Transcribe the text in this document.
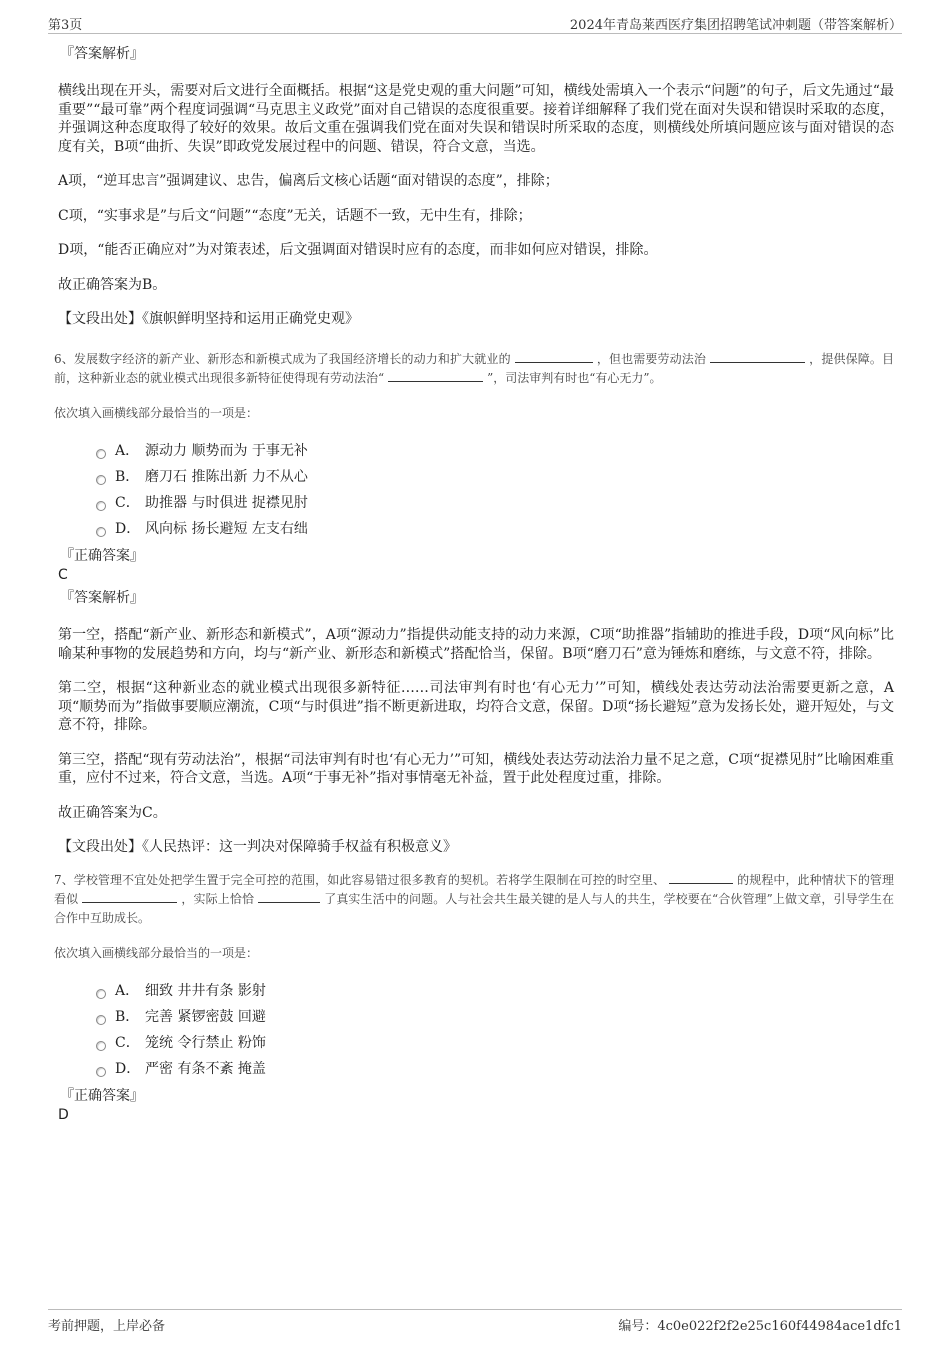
第3页	2024年青岛莱西医疗集团招聘笔试冲刺题（带答案解析）
『答案解析』

横线出现在开头，需要对后文进行全面概括。根据“这是党史观的重大问题”可知，横线处需填入一个表示“问题”的句子，后文先通过“最重要”“最可靠”两个程度词强调“马克思主义政党”面对自己错误的态度很重要。接着详细解释了我们党在面对失误和错误时采取的态度，并强调这种态度取得了较好的效果。故后文重在强调我们党在面对失误和错误时所采取的态度，则横线处所填问题应该与面对错误的态度有关，B项“曲折、失误”即政党发展过程中的问题、错误，符合文意，当选。

A项，“逆耳忠言”强调建议、忠告，偏离后文核心话题“面对错误的态度”，排除；

C项，“实事求是”与后文“问题”“态度”无关，话题不一致，无中生有，排除；

D项，“能否正确应对”为对策表述，后文强调面对错误时应有的态度，而非如何应对错误，排除。

故正确答案为B。

【文段出处】《旗帜鲜明坚持和运用正确党史观》

6、发展数字经济的新产业、新形态和新模式成为了我国经济增长的动力和扩大就业的	，但也需要劳动法治	，提供保障。目前，这种新业态的就业模式出现很多新特征使得现有劳动法治“	”，司法审判有时也“有心无力”。

依次填入画横线部分最恰当的一项是：

A． 源动力 顺势而为 于事无补
B． 磨刀石 推陈出新 力不从心
C． 助推器 与时俱进 捉襟见肘
D． 风向标 扬长避短 左支右绌
『正确答案』
C
『答案解析』

第一空，搭配“新产业、新形态和新模式”，A项“源动力”指提供动能支持的动力来源，C项“助推器”指辅助的推进手段，D项“风向标”比喻某种事物的发展趋势和方向，均与“新产业、新形态和新模式”搭配恰当，保留。B项“磨刀石”意为锤炼和磨练，与文意不符，排除。

第二空，根据“这种新业态的就业模式出现很多新特征……司法审判有时也‘有心无力’”可知，横线处表达劳动法治需要更新之意，A项“顺势而为”指做事要顺应潮流，C项“与时俱进”指不断更新进取，均符合文意，保留。D项“扬长避短”意为发扬长处，避开短处，与文意不符，排除。

第三空，搭配“现有劳动法治”，根据“司法审判有时也‘有心无力’”可知，横线处表达劳动法治力量不足之意，C项“捉襟见肘”比喻困难重重，应付不过来，符合文意，当选。A项“于事无补”指对事情毫无补益，置于此处程度过重，排除。

故正确答案为C。

【文段出处】《人民热评：这一判决对保障骑手权益有积极意义》

7、学校管理不宜处处把学生置于完全可控的范围，如此容易错过很多教育的契机。若将学生限制在可控的时空里、	的规程中，此种情状下的管理看似	，实际上恰恰	了真实生活中的问题。人与社会共生最关键的是人与人的共生，学校要在“合伙管理”上做文章，引导学生在合作中互助成长。

依次填入画横线部分最恰当的一项是：

A． 细致 井井有条 影射
B． 完善 紧锣密鼓 回避
C． 笼统 令行禁止 粉饰
D． 严密 有条不紊 掩盖
『正确答案』
D
考前押题，上岸必备	编号：4c0e022f2f2e25c160f44984ace1dfc1
